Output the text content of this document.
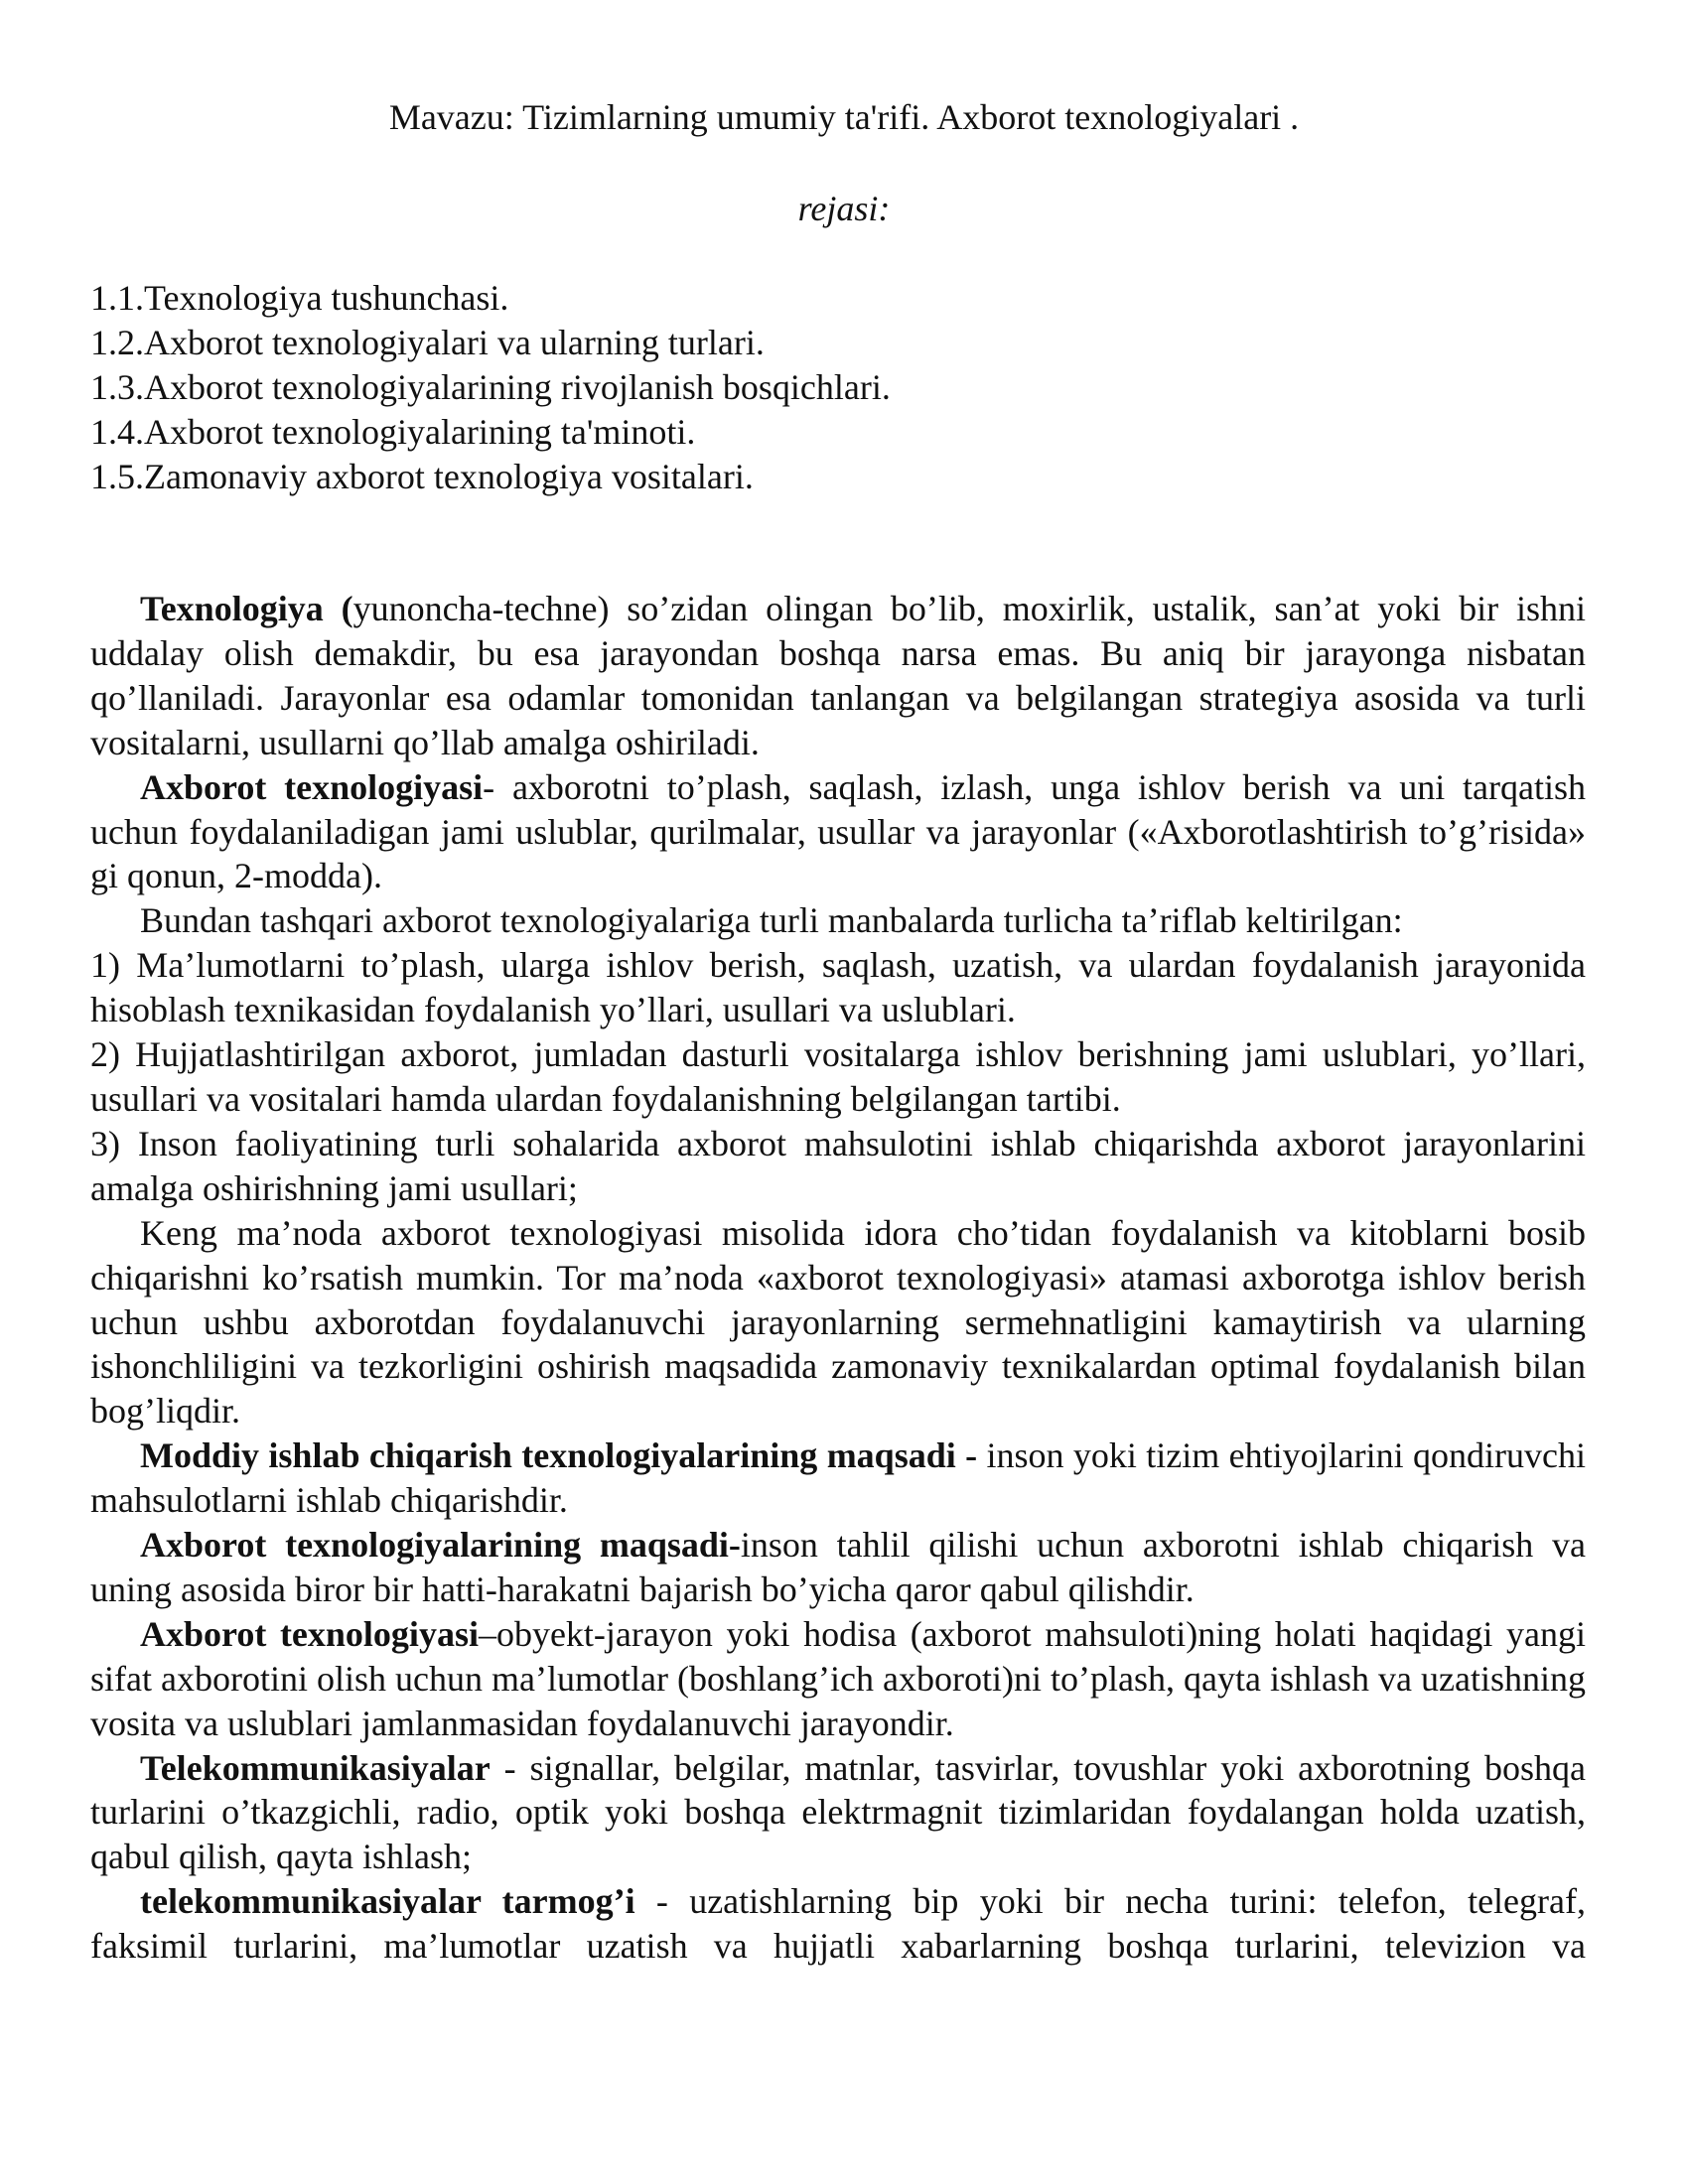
Mavazu: Tizimlarning umumiy ta'rifi. Axborot texnologiyalari .
rejasi:
1.1.Texnologiya tushunchasi.
1.2.Axborot texnologiyalari va ularning turlari.
1.3.Axborot texnologiyalarining rivojlanish bosqichlari.
1.4.Axborot texnologiyalarining ta'minoti.
1.5.Zamonaviy axborot texnologiya vositalari.

Texnologiya (yunoncha-techne) so’zidan olingan bo’lib, moxirlik, ustalik, san’at yoki bir ishni uddalay olish demakdir, bu esa jarayondan boshqa narsa emas. Bu aniq bir jarayonga nisbatan qo’llaniladi. Jarayonlar esa odamlar tomonidan tanlangan va belgilangan strategiya asosida va turli vositalarni, usullarni qo’llab amalga oshiriladi.

Axborot texnologiyasi- axborotni to’plash, saqlash, izlash, unga ishlov berish va uni tarqatish uchun foydalaniladigan jami uslublar, qurilmalar, usullar va jarayonlar («Axborotlashtirish to’g’risida» gi qonun, 2-modda).

Bundan tashqari axborot texnologiyalariga turli manbalarda turlicha ta’riflab keltirilgan:

1) Ma’lumotlarni to’plash, ularga ishlov berish, saqlash, uzatish, va ulardan foydalanish jarayonida hisoblash texnikasidan foydalanish yo’llari, usullari va uslublari.

2) Hujjatlashtirilgan axborot, jumladan dasturli vositalarga ishlov berishning jami uslublari, yo’llari, usullari va vositalari hamda ulardan foydalanishning belgilangan tartibi.

3) Inson faoliyatining turli sohalarida axborot mahsulotini ishlab chiqarishda axborot jarayonlarini amalga oshirishning jami usullari;

Keng ma’noda axborot texnologiyasi misolida idora cho’tidan foydalanish va kitoblarni bosib chiqarishni ko’rsatish mumkin. Tor ma’noda «axborot texnologiyasi» atamasi axborotga ishlov berish uchun ushbu axborotdan foydalanuvchi jarayonlarning sermehnatligini kamaytirish va ularning ishonchliligini va tezkorligini oshirish maqsadida zamonaviy texnikalardan optimal foydalanish bilan bog’liqdir.

Moddiy ishlab chiqarish texnologiyalarining maqsadi - inson yoki tizim ehtiyojlarini qondiruvchi mahsulotlarni ishlab chiqarishdir.

Axborot texnologiyalarining maqsadi-inson tahlil qilishi uchun axborotni ishlab chiqarish va uning asosida biror bir hatti-harakatni bajarish bo’yicha qaror qabul qilishdir.

Axborot texnologiyasi–obyekt-jarayon yoki hodisa (axborot mahsuloti)ning holati haqidagi yangi sifat axborotini olish uchun ma’lumotlar (boshlang’ich axboroti)ni to’plash, qayta ishlash va uzatishning vosita va uslublari jamlanmasidan foydalanuvchi jarayondir.

Telekommunikasiyalar - signallar, belgilar, matnlar, tasvirlar, tovushlar yoki axborotning boshqa turlarini o’tkazgichli, radio, optik yoki boshqa elektrmagnit tizimlaridan foydalangan holda uzatish, qabul qilish, qayta ishlash;

telekommunikasiyalar tarmog’i - uzatishlarning bip yoki bir necha turini: telefon, telegraf, faksimil turlarini, ma’lumotlar uzatish va hujjatli xabarlarning boshqa turlarini, televizion va
